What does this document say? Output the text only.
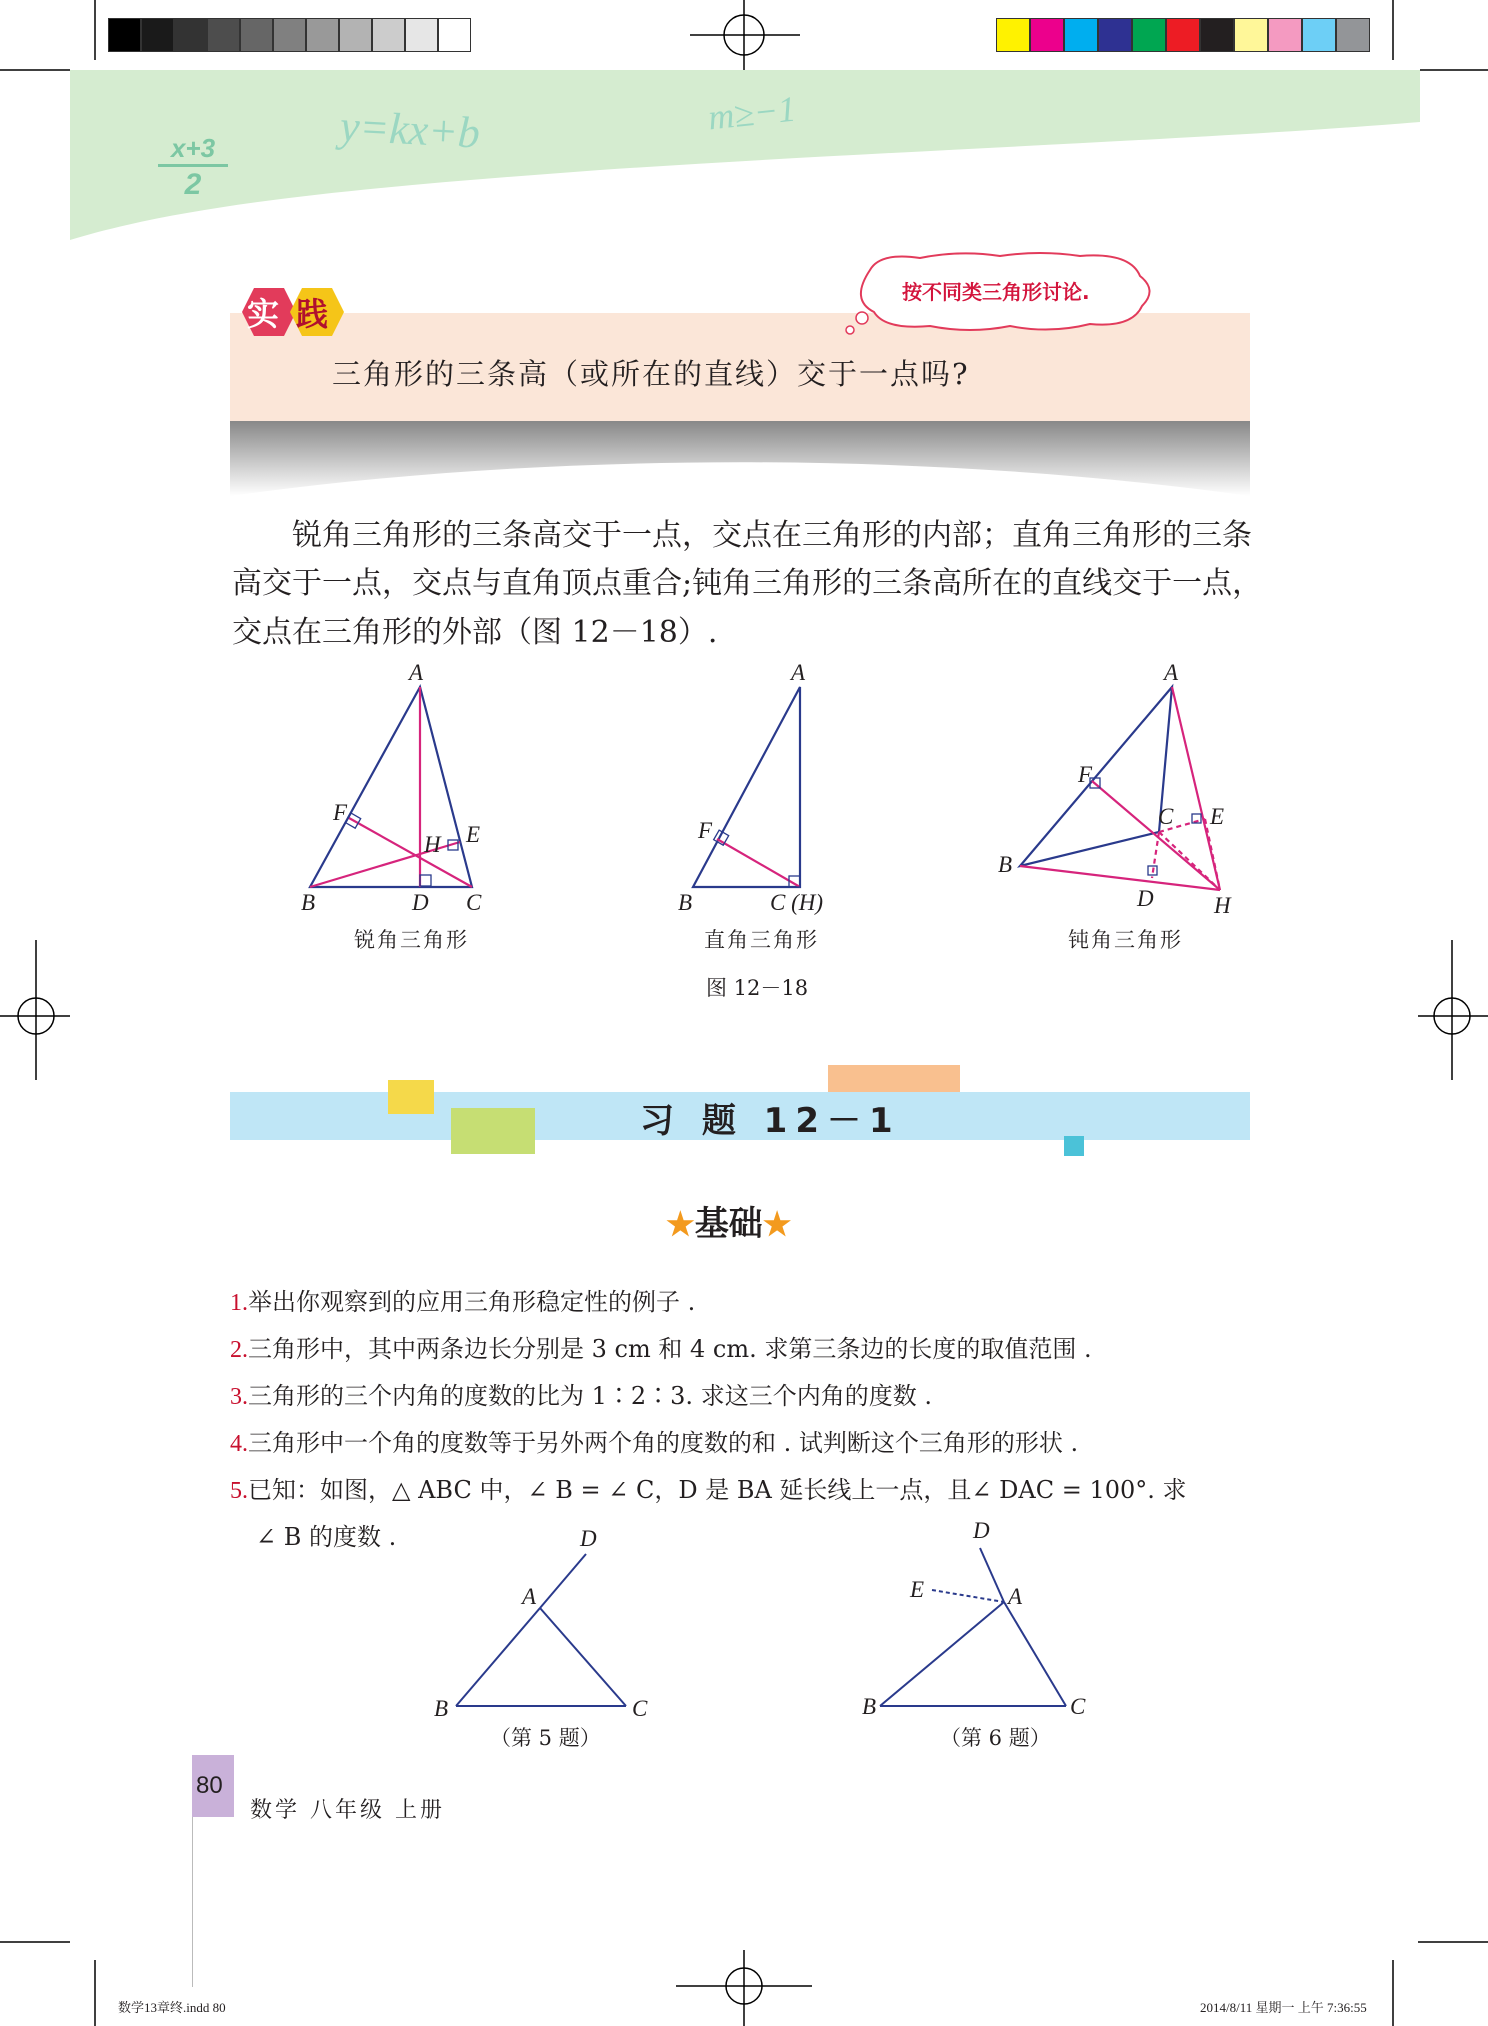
x+3
2
y=kx+b	m≥−1
实 践
按不同类三角形讨论.
三角形的三条高（或所在的直线）交于一点吗?
锐角三角形的三条高交于一点，交点在三角形的内部；直角三角形的三条
高交于一点，交点与直角顶点重合;钝角三角形的三条高所在的直线交于一点，
交点在三角形的外部（图 12－18）.
A
F
H E
B	D C
A
F
B	C (H)
A
F
C E
B
D	H
锐角三角形	直角三角形	钝角三角形
图 12－18
习 题 12－1
★基础★
1.举出你观察到的应用三角形稳定性的例子 .
2.三角形中，其中两条边长分别是 3 cm 和 4 cm. 求第三条边的长度的取值范围 .
3.三角形的三个内角的度数的比为 1∶2∶3. 求这三个内角的度数 .
4.三角形中一个角的度数等于另外两个角的度数的和 . 试判断这个三角形的形状 .
5.已知：如图，△ ABC 中，∠ B = ∠ C，D 是 BA 延长线上一点，且∠ DAC = 100°. 求
∠ B 的度数 .	D
A
B	C
D
E	A
B	C
（第 5 题）	（第 6 题）
80
数学 八年级 上册
数学13章终.indd 80	2014/8/11 星期一 上午 7:36:55
